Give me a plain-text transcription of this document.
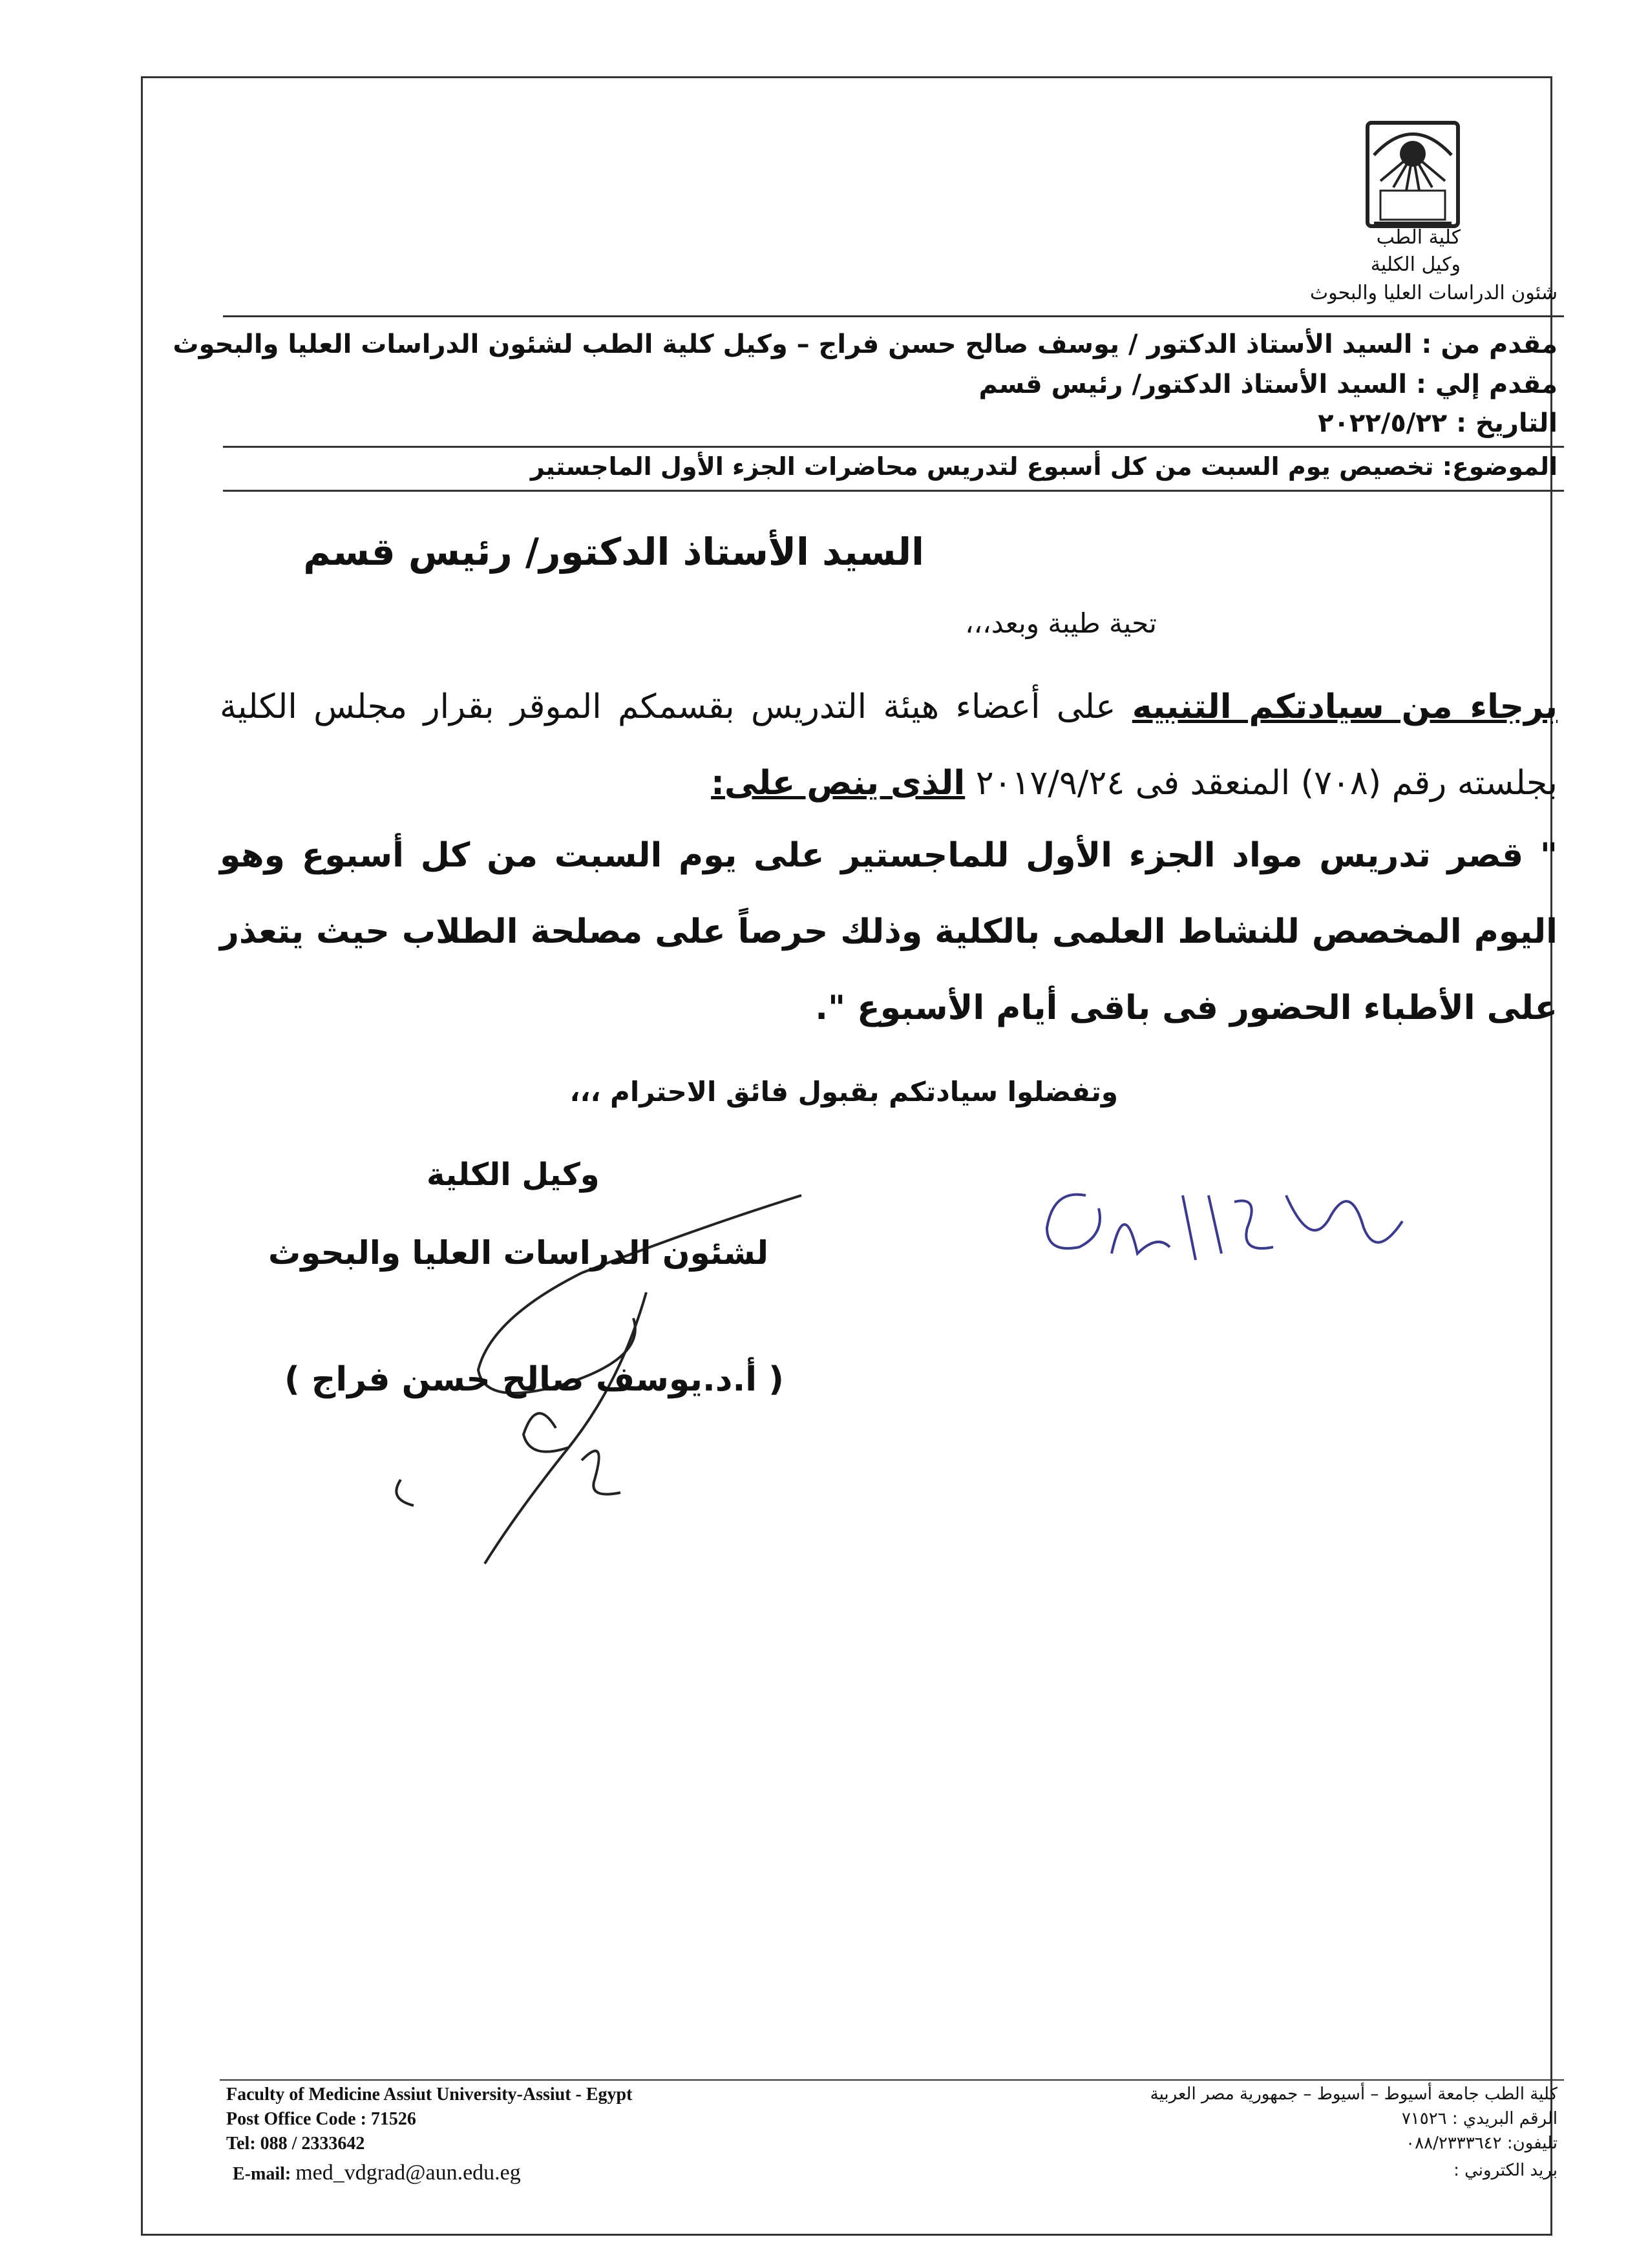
كلية الطب
وكيل الكلية
شئون الدراسات العليا والبحوث
مقدم من : السيد الأستاذ الدكتور / يوسف صالح حسن فراج – وكيل كلية الطب لشئون الدراسات العليا والبحوث
مقدم إلي : السيد الأستاذ الدكتور/ رئيس قسم
التاريخ : ٢٠٢٢/٥/٢٢
الموضوع: تخصيص يوم السبت من كل أسبوع لتدريس محاضرات الجزء الأول الماجستير
السيد الأستاذ الدكتور/ رئيس قسم
تحية طيبة وبعد،،،
برجاء من سيادتكم التنبيه على أعضاء هيئة التدريس بقسمكم الموقر بقرار مجلس الكلية بجلسته رقم (٧٠٨) المنعقد فى ٢٠١٧/٩/٢٤ الذى ينص على:
" قصر تدريس مواد الجزء الأول للماجستير على يوم السبت من كل أسبوع وهو اليوم المخصص للنشاط العلمى بالكلية وذلك حرصاً على مصلحة الطلاب حيث يتعذر على الأطباء الحضور فى باقى أيام الأسبوع ".
وتفضلوا سيادتكم بقبول فائق الاحترام ،،،
وكيل الكلية
لشئون الدراسات العليا والبحوث
( أ.د.يوسف صالح حسن فراج )
Faculty of Medicine Assiut University-Assiut - Egypt
Post Office Code : 71526
Tel: 088 / 2333642
E-mail: med_vdgrad@aun.edu.eg
كلية الطب جامعة أسيوط – أسيوط – جمهورية مصر العربية
الرقم البريدي : ٧١٥٢٦
تليفون: ٠٨٨/٢٣٣٣٦٤٢
بريد الكتروني :
